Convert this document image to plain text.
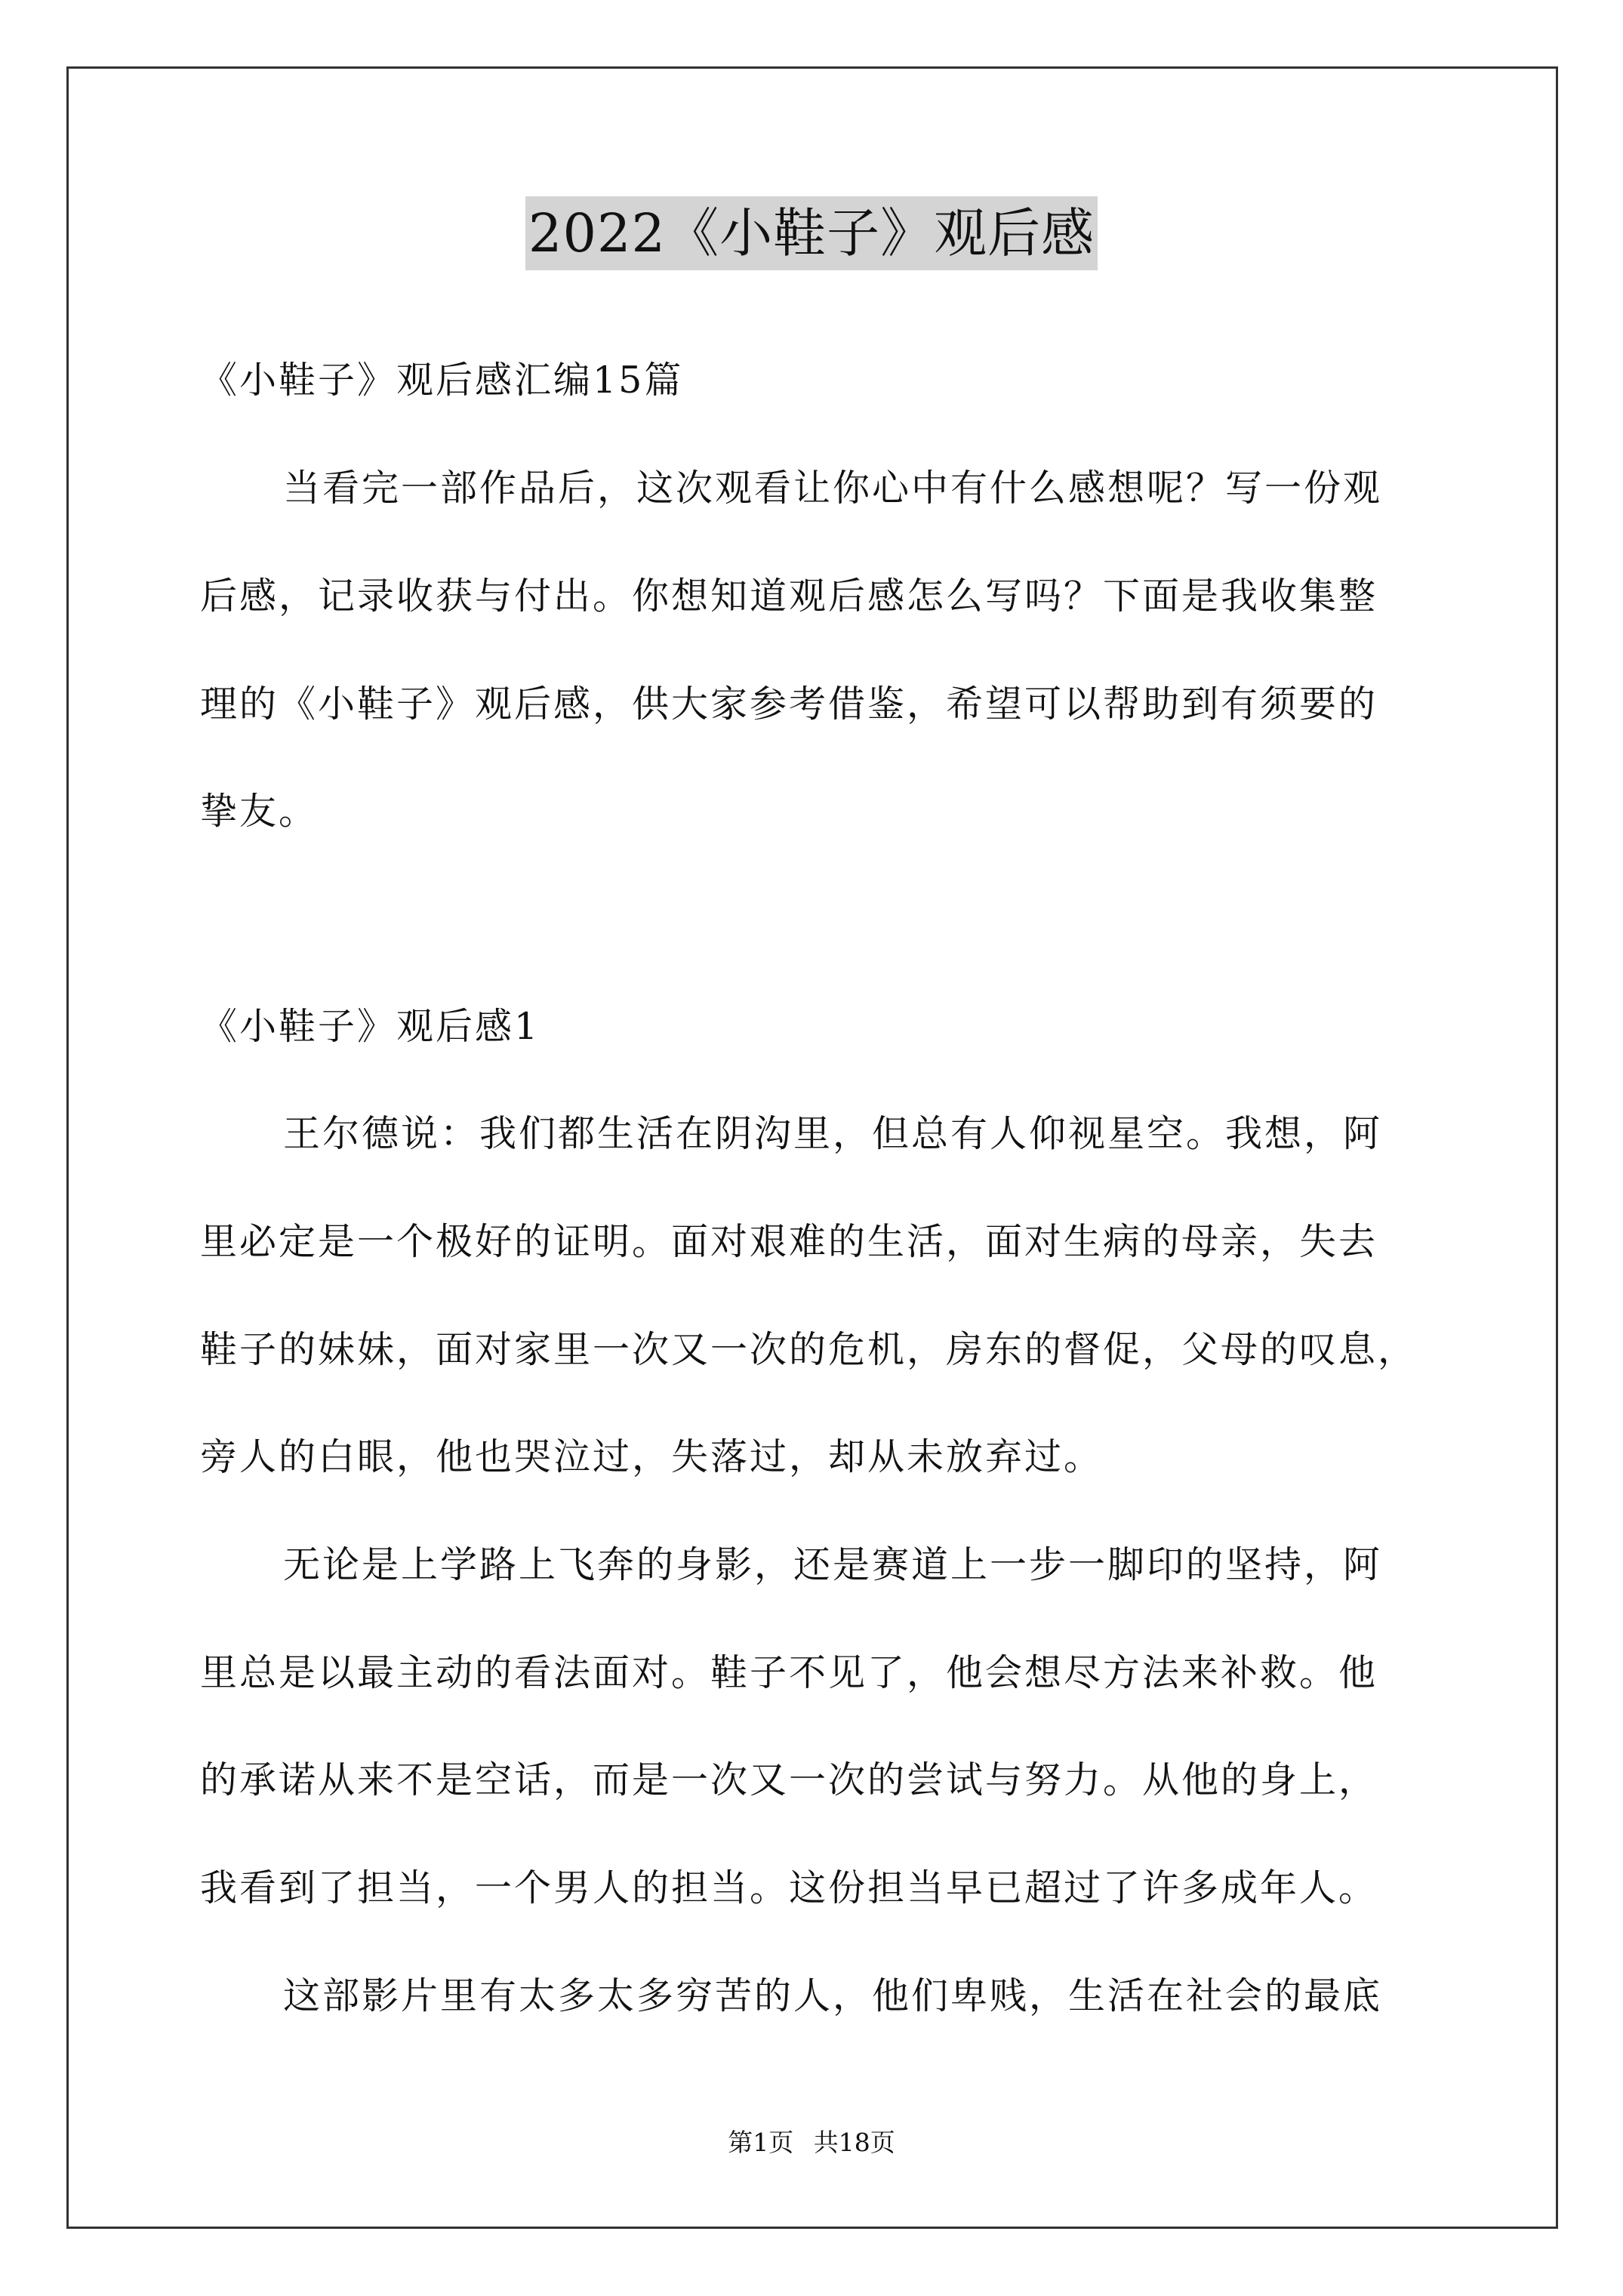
2022《小鞋子》观后感
《小鞋子》观后感汇编15篇
当看完一部作品后，这次观看让你心中有什么感想呢？写一份观
后感，记录收获与付出。你想知道观后感怎么写吗？下面是我收集整
理的《小鞋子》观后感，供大家参考借鉴，希望可以帮助到有须要的
挚友。
《小鞋子》观后感1
王尔德说：我们都生活在阴沟里，但总有人仰视星空。我想，阿
里必定是一个极好的证明。面对艰难的生活，面对生病的母亲，失去
鞋子的妹妹，面对家里一次又一次的危机，房东的督促，父母的叹息，
旁人的白眼，他也哭泣过，失落过，却从未放弃过。
无论是上学路上飞奔的身影，还是赛道上一步一脚印的坚持，阿
里总是以最主动的看法面对。鞋子不见了，他会想尽方法来补救。他
的承诺从来不是空话，而是一次又一次的尝试与努力。从他的身上，
我看到了担当，一个男人的担当。这份担当早已超过了许多成年人。
这部影片里有太多太多穷苦的人，他们卑贱，生活在社会的最底
第1页 共18页
